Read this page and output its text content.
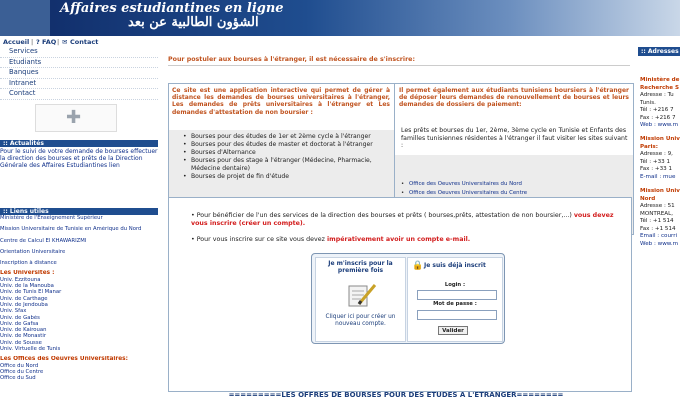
Affaires estudiantines en ligne
الشؤون الطالبية عن بعد
Accueil | ? FAQ | ✉ Contact
Services
Etudiants
Banques
Intranet
Contact
✚
:: Actualités
Pour le suivi de votre demande de bourses effectuer la direction des bourses et prêts de la Direction Générale des Affaires Estudiantines lien
:: Liens utiles
Ministère de l'Enseignement Supérieur
Mission Universitaire de Tunisie en Amérique du Nord
Centre de Calcul El KHAWARIZMI
Orientation Universitaire
Inscription à distance
Les Universités :
Univ. Ezzitouna
Univ. de la Manouba
Univ. de Tunis El Manar
Univ. de Carthage
Univ. de Jendouba
Univ. Sfax
Univ. de Gabès
Univ. de Gafsa
Univ. de Kairouan
Univ. de Monastir
Univ. de Sousse
Univ. Virtuelle de Tunis
Les Offices des Oeuvres Universitaires:
Office du Nord
Office du Centre
Office du Sud
Pour postuler aux bourses à l'étranger, il est nécessaire de s'inscrire:
Ce site est une application interactive qui permet de gérer à distance les demandes de bourses universitaires à l'étranger, Les demandes de prêts universitaires à l'étranger et Les demandes d'attestation de non boursier :
• Bourses pour des études de 1er et 2ème cycle à l'étranger
• Bourses pour des études de master et doctorat à l'étranger
• Bourses d'Alternance
• Bourses pour des stage à l'étranger (Médecine, Pharmacie, Médecine dentaire)
• Bourses de projet de fin d'étude
Il permet également aux étudiants tunisiens boursiers à l'étranger de déposer leurs demandes de renouvellement de bourses et leurs demandes de dossiers de paiement:
Les prêts et bourses du 1er, 2ème, 3ème cycle en Tunisie et Enfants des familles tunisiennes résidentes à l'étranger il faut visiter les sites suivant :
• Office des Oeuvres Universitaires du Nord
• Office des Oeuvres Universitaires du Centre
•
• Pour bénéficier de l'un des services de la direction des bourses et prêts ( bourses,prêts, attestation de non boursier,...) vous devez vous inscrire (créer un compte).
• Pour vous inscrire sur ce site vous devez impérativement avoir un compte e-mail.
Je m'inscris pour la première fois
Cliquer ici pour créer un nouveau compte.
🔒 Je suis déjà inscrit
Login :
Mot de passe :
Valider
=========LES OFFRES DE BOURSES POUR DES ETUDES A L'ETRANGER========
:: Adresses
Ministère de
Recherche S
Adresse : Tu
Tunis.
Tél : +216 7
Fax : +216 7
Web : www.m
Mission Univ
Paris:
Adresse : 9,
Tél : +33 1
Fax : +33 1
E-mail : mue
Mission Univ
Nord
Adresse : 51
MONTREAL,
Tél : +1 514
Fax : +1 514
Email : courri
Web : www.m
